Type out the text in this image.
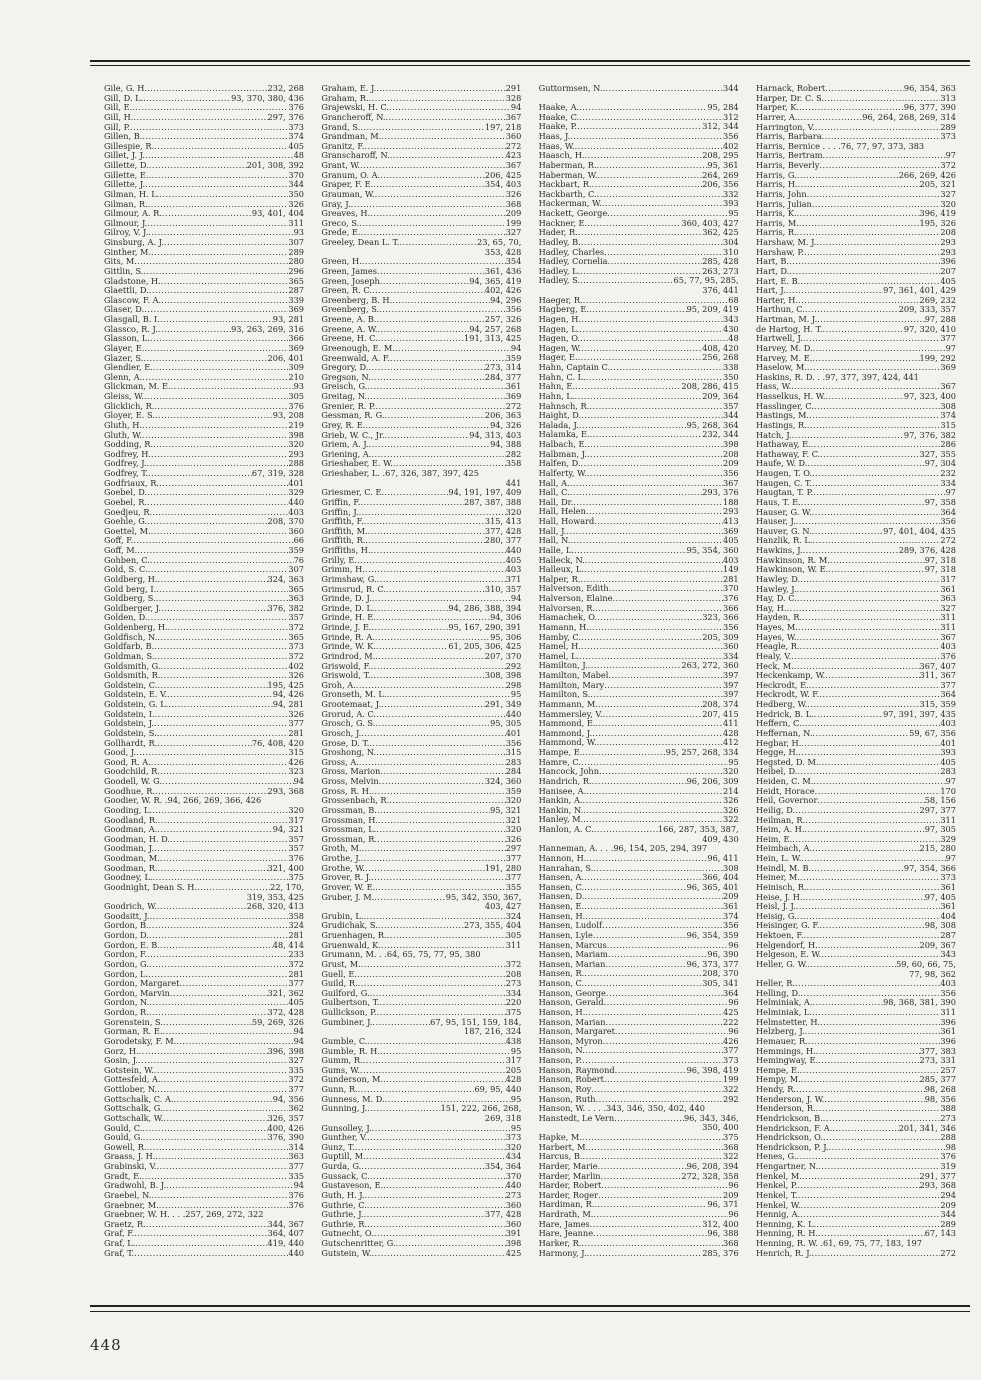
Gile, G. H. .....	232, 268
Gill, D. L. .....	93, 370, 380, 436
Gill, E. .....	376
Gill, H. .....	297, 376
Gill, P. .....	373
Gillen, B. .....	374
Gillespie, R. .....	405
Gillet, J. J. .....	48
Gillette, D. .....	201, 308, 392
Gillette, E. .....	370
Gillette, J. .....	344
Gilman, H. L. .....	350
Gilman, R. .....	326
Gilmour, A. R. .....	93, 401, 404
Gilmour, J. .....	311
Gilroy, V. J. .....	93
Ginsburg, A. J. .....	307
Ginther, M. .....	289
Gits, M. .....	280
Gittlin, S. .....	296
Gladstone, H. .....	365
Glaettli, D. .....	287
Glascow, F. A. .....	339
Glaser, D. .....	369
Glasgall, B. I. .....	93, 281
Glassco, R. J. .....	93, 263, 269, 316
Glasson, L. .....	366
Glayer, E. .....	369
Glazer, S. .....	206, 401
Glendier, E. .....	309
Glenn, A. .....	210
Glickman, M. E. .....	93
Gleiss, W. .....	305
Glicklich, R. .....	376
Gloyer, E. S. .....	93, 208
Gluth, H. .....	219
Gluth, W. .....	398
Godding, R. .....	320
Godfrey, H. .....	293
Godfrey, J. .....	288
Godfrey, T. .....	67, 319, 328
Godfriaux, R. .....	401
Goebel, D. .....	329
Goebel, R. .....	440
Goedjeu, R. .....	403
Goehle, G. .....	208, 370
Goettel, M. .....	360
Goff, F. .....	66
Goff, M. .....	359
Gohben, C. .....	76
Gold, S. C. .....	307
Goldberg, H. .....	324, 363
Gold berg, I. .....	365
Goldberg, S. .....	363
Goldberger, J. .....	376, 382
Golden, D. .....	357
Goldenberg, H. .....	372
Goldfisch, N. .....	365
Goldfarb, B. .....	373
Goldman, S. .....	372
Goldsmith, G. .....	402
Goldsmith, R. .....	326
Goldstein, C. .....	195, 425
Goldstein, E. V. .....	94, 426
Goldstein, G. L. .....	94, 281
Goldstein, I. .....	326
Goldstein, J. .....	377
Goldstein, S. .....	281
Gollhardt, R. .....	76, 408, 420
Good, J. .....	315
Good, R. A. .....	426
Goodchild, R. .....	323
Goodell, W. G. .....	94
Goodhue, R. .....	293, 368
Goodier, W. R. .94, 266, 269, 366, 426
Gooding, L. .....	320
Goodland, R. .....	317
Goodman, A. .....	94, 321
Goodman, H. D. .....	357
Goodman, J. .....	357
Goodman, M. .....	376
Goodman, R. .....	321, 400
Goodney, L. .....	375
Goodnight, Dean S. H. .....	22, 170,
319, 353, 425
Goodrich, W. .....	268, 320, 413
Goodsitt, J. .....	358
Gordon, B. .....	324
Gordon, D. .....	281
Gordon, E. B. .....	48, 414
Gordon, F. .....	233
Gordon, G. .....	372
Gordon, L. .....	281
Gordon, Margaret .....	377
Gordon, Marvin .....	321, 362
Gordon, N. .....	405
Gordon, R. .....	372, 428
Gorenstein, S. .....	59, 269, 326
Gorman, R. E. .....	94
Gorodetsky, F. M. .....	94
Gorz, H. .....	396, 398
Gosin, J. .....	327
Gotstein, W. .....	335
Gottesfeld, A. .....	372
Gottlober, N. .....	377
Gottschalk, C. A. .....	94, 356
Gottschalk, G. .....	362
Gottschalk, W. .....	326, 357
Gould, C. .....	400, 426
Gould, G. .....	376, 390
Gowell, R. .....	314
Graass, J. H. .....	363
Grabinski, V. .....	377
Gradt, E. .....	335
Gradwohl, B. J. .....	94
Graebel, N. .....	376
Graebner, M. .....	376
Graebner, W. H. . . .257, 269, 272, 322
Graetz, R. .....	344, 367
Graf, F. .....	364, 407
Graf, L. .....	419, 440
Graf, T. .....	440
Graham, E. J. .....	291
Graham, R. .....	328
Grajewski, H. C. .....	94
Grancheroff, N. .....	367
Grand, S. .....	197, 218
Grandman, M. .....	360
Granitz, F. .....	272
Granscharoff, N. .....	423
Grant, W. .....	367
Granum, O. A. .....	206, 425
Graper, F. E. .....	354, 403
Grauman, W. .....	326
Gray, J. .....	368
Greaves, H. .....	209
Greco, S. .....	199
Grede, E. .....	327
Greeley, Dean L. T. .....	23, 65, 70,
353, 428
Green, H. .....	354
Green, James .....	361, 436
Green, Joseph .....	94, 365, 419
Green, R. C. .....	402, 426
Greenberg, B. H. .....	94, 296
Greenberg, S. .....	356
Greene, A. B. .....	257, 326
Greene, A. W. .....	94, 257, 268
Greene, H. C. .....	191, 313, 425
Greenough, E. M. .....	94
Greenwald, A. F. .....	359
Gregory, D. .....	273, 314
Gregson, N. .....	284, 377
Greisch, G. .....	361
Greitag, N. .....	369
Grenier, R. P. .....	272
Gessman, R. G. .....	206, 363
Grey, R. E. .....	94, 326
Grieb, W. C., Jr. .....	94, 313, 403
Griem, A. J. .....	94, 388
Griening, A. .....	282
Grieshaber, E. W. .....	358
Grieshaber, L. .67, 326, 387, 397, 425
441
Griesmer, C. E. .....	94, 191, 197, 409
Griffin, F. .....	287, 387, 388
Griffin, J. .....	320
Griffith, F. .....	315, 413
Griffith, M. .....	377, 428
Griffith, R. .....	280, 377
Griffiths, H. .....	440
Grilly, E. .....	405
Grimm, H. .....	403
Grimshaw, G. .....	371
Grimsrud, R. C. .....	310, 357
Grinde, D. J. .....	94
Grinde, D. L. .....	94, 286, 388, 394
Grinde, H. E. .....	94, 306
Grinde, J. E. .....	95, 167, 290, 391
Grinde, R. A. .....	95, 306
Grinde, W. K. .....	61, 205, 306, 425
Grindrod, M. .....	207, 370
Griswold, F. .....	292
Griswold, T. .....	308, 398
Groh, A. .....	298
Gronseth, M. L. .....	95
Grootemaat, J. .....	291, 349
Grorud, A. C. .....	440
Grosch, G. S. .....	95, 305
Grosch, J. .....	401
Grose, D. T. .....	356
Groshong, N. .....	315
Gross, A. .....	283
Gross, Marion .....	284
Gross, Melvin .....	324, 360
Gross, R. H. .....	359
Grossenbach, R. .....	320
Grossman, B. .....	95, 321
Grossman, H. .....	321
Grossman, L. .....	320
Grossman, R. .....	326
Groth, M. .....	297
Grothe, J. .....	377
Grothe, W. .....	191, 280
Grover, R. J. .....	377
Grover, W. E. .....	355
Gruber, J. M. .....	95, 342, 350, 367,
403, 427
Grubin, L. .....	324
Grudichak, S. .....	273, 355, 404
Gruenhagen, R. .....	305
Gruenwald, K. .....	311
Grumann, M. . .64, 65, 75, 77, 95, 380
Grust, M. .....	372
Guell, E. .....	208
Guild, R. .....	273
Guilford, G. .....	334
Gulbertson, T. .....	220
Gullickson, P. .....	375
Gumbiner, J. .....	67, 95, 151, 159, 184,
187, 216, 324
Gumble, C. .....	438
Gumble, R. H. .....	95
Gumm, R. .....	317
Gums, W. .....	205
Gunderson, M. .....	428
Gunn, R. .....	69, 95, 440
Gunness, M. D. .....	95
Gunning, J. .....	151, 222, 266, 268,
269, 318
Gunsolley, J. .....	95
Gunther, V. .....	373
Gunz, T. .....	320
Guptill, M. .....	434
Gurda, G. .....	354, 364
Gussack, C. .....	370
Gustaveson, E. .....	440
Guth, H. J. .....	273
Guthrie, C. .....	360
Guthrie, J. .....	377, 428
Guthrie, R. .....	360
Gutnecht, O. .....	391
Gutschenritter, G. .....	398
Gutstein, W. .....	425
Guttormsen, N. .....	344
Haake, A. .....	95, 284
Haake, C. .....	312
Haake, P. .....	312, 344
Haas, J. .....	356
Haas, W. .....	402
Haasch, H. .....	208, 295
Haberman, R. .....	95, 361
Haberman, W. .....	264, 269
Hackbart, R. .....	206, 356
Hackbarth, C. .....	332
Hackerman, W. .....	393
Hackett, George .....	95
Hackner, E. .....	360, 403, 427
Hader, R. .....	362, 425
Hadley, B. .....	304
Hadley, Charles .....	310
Hadley, Cornelia .....	285, 428
Hadley, L. .....	263, 273
Hadley, S. .....	65, 77, 95, 285,
376, 441
Haeger, R. .....	68
Hagberg, E. .....	95, 209, 419
Hagen, H. .....	343
Hagen, L. .....	430
Hagen, O. .....	48
Hagen, W. .....	408, 420
Hager, E. .....	256, 268
Hahn, Captain C. .....	338
Hahn, C. L. .....	350
Hahn, E. .....	208, 286, 415
Hahn, L. .....	209, 364
Hahnsch, R. .....	357
Haight, D. .....	344
Halada, J. .....	95, 268, 364
Halamka, E. .....	232, 344
Halbach, E. .....	398
Halbman, J. .....	208
Halfen, D. .....	209
Halferty, W. .....	356
Hall, A. .....	367
Hall, C. .....	293, 376
Hall, Dr. .....	188
Hall, Helen .....	293
Hall, Howard .....	413
Hall, J. .....	369
Hall, N. .....	405
Halle, L. .....	95, 354, 360
Halleck, N. .....	403
Halleux, L. .....	149
Halper, R. .....	281
Halverson, Edith .....	370
Halverson, Elaine .....	376
Halvorsen, R. .....	366
Hamachek, O. .....	323, 366
Hamann, H. .....	356
Hamby, C. .....	205, 309
Hamel, H. .....	360
Hamel, L. .....	334
Hamilton, J. .....	263, 272, 360
Hamilton, Mabel .....	397
Hamilton, Mary .....	397
Hamilton, S. .....	397
Hammann, M. .....	208, 374
Hammersley, V. .....	207, 415
Hammond, E. .....	411
Hammond, J. .....	428
Hammond, W. .....	412
Hampe, E. .....	95, 257, 268, 334
Hamre, C. .....	95
Hancock, John .....	320
Handrich, R. .....	96, 206, 309
Hanisee, A. .....	214
Hankin, A. .....	326
Hankin, N. .....	326
Hanley, M. .....	322
Hanlon, A. C. .....	166, 287, 353, 387,
409, 430
Hanneman, A. . . .96, 154, 205, 294, 397
Hannon, H. .....	96, 411
Hanrahan, S. .....	308
Hansen, A. .....	366, 404
Hansen, C. .....	96, 365, 401
Hansen, D. .....	209
Hansen, E. .....	361
Hansen, H. .....	374
Hansen, Ludolf .....	356
Hansen, Lyle .....	96, 354, 359
Hansen, Marcus .....	96
Hansen, Mariam .....	96, 390
Hansen, Marian .....	96, 373, 377
Hansen, R. .....	208, 370
Hanson, C. .....	305, 341
Hanson, George .....	364
Hanson, Gerald .....	96
Hanson, H. .....	425
Hanson, Marian .....	222
Hanson, Margaret .....	96
Hanson, Myron .....	426
Hanson, N. .....	377
Hanson, P. .....	373
Hanson, Raymond .....	96, 398, 419
Hanson, Robert .....	199
Hanson, Roy .....	322
Hanson, Ruth .....	292
Hanson, W. . . . .343, 346, 350, 402, 440
Hanstedt, Le Vern .....	96, 343, 346,
350, 400
Hapke, M. .....	375
Harbert, M. .....	368
Harcus, B. .....	322
Harder, Marie .....	96, 208, 394
Harder, Marlin .....	272, 328, 358
Harder, Robert .....	96
Harder, Roger .....	209
Hardiman, R. .....	96, 371
Hardrath, M. .....	96
Hare, James .....	312, 400
Hare, Jeanne .....	96, 388
Harker, R. .....	368
Harmony, J. .....	285, 376
Harnack, Robert .....	96, 354, 363
Harper, Dr. C. S. .....	313
Harper, K. .....	96, 377, 390
Harrer, A. .....	96, 264, 268, 269, 314
Harrington, V. .....	289
Harris, Barbara .....	373
Harris, Bernice . . . .76, 77, 97, 373, 383
Harris, Bertram .....	97
Harris, Beverly .....	372
Harris, G. .....	266, 269, 426
Harris, H. .....	205, 321
Harris, John .....	327
Harris, Julian .....	320
Harris, K. .....	396, 419
Harris, M. .....	195, 326
Harris, R. .....	208
Harshaw, M. J. .....	293
Harshaw, P. .....	293
Hart, B. .....	396
Hart, D. .....	207
Hart, E. B. .....	405
Hart, J. .....	97, 361, 401, 429
Harter, H. .....	269, 232
Harthun, C. .....	209, 333, 357
Hartman, M. J. .....	97, 288
de Hartog, H. T. .....	97, 320, 410
Hartwell, J. .....	377
Harvey, M. D. .....	97
Harvey, M. E. .....	199, 292
Haselow, M. .....	369
Haskins, R. D. . .97, 377, 397, 424, 441
Hass, W. .....	367
Hasselkus, H. W. .....	97, 323, 400
Hasslinger, C. .....	308
Hastings, M. .....	374
Hastings, R. .....	315
Hatch, J. .....	97, 376, 382
Hathaway, E. .....	286
Hathaway, F. C. .....	327, 355
Haufe, W. D. .....	97, 304
Haugen, T. O. .....	232
Haugen, C. T. .....	334
Haugtan, T. P. .....	97
Haus, T. E. .....	97, 358
Hauser, G. W. .....	364
Hauser, J. .....	356
Hauver, G. N. .....	97, 401, 404, 435
Hanzlik, R. L. .....	272
Hawkins, J. .....	289, 376, 428
Hawkinson, R. M. .....	97, 318
Hawkinson, W. E. .....	97, 318
Hawley, D. .....	317
Hawley, J. .....	361
Hay, D. C. .....	363
Hay, H. .....	327
Hayden, R. .....	311
Hayes, M. .....	311
Hayes, W. .....	367
Heagle, R. .....	403
Healy, V. .....	376
Heck, M. .....	367, 407
Heckenkamp, W. .....	311, 367
Heckrodt, E. .....	377
Heckrodt, W. F. .....	364
Hedberg, W. .....	315, 359
Hedrick, B. L. .....	97, 391, 397, 435
Heffern, C. .....	403
Heffernan, N. .....	59, 67, 356
Hegbar, H. .....	401
Hegge, H. .....	393
Hegsted, D. M. .....	405
Heibel, D. .....	283
Heiden, C. M. .....	97
Heidt, Horace .....	170
Heil, Governor .....	58, 156
Heilig, D. .....	297, 377
Heilman, R. .....	311
Heim, A. H. .....	97, 305
Heim, E. .....	329
Heimbach, A. .....	215, 280
Hein, L. W. .....	97
Heindl, M. B. .....	97, 354, 366
Heiner, M. .....	373
Heinisch, R. .....	361
Heise, J. H. .....	97, 405
Heisl, J. J. .....	361
Heisig, G. .....	404
Heisinger, G. F. .....	98, 308
Hektoen, F. .....	287
Helgendorf, H. .....	209, 367
Helgeson, E. W. .....	343
Heller, G. W. .....	59, 60, 66, 75,
77, 98, 362
Heller, R. .....	403
Helling, D. .....	356
Helminiak, A. .....	98, 368, 381, 390
Helminiak, L. .....	311
Helmstetter, H. .....	396
Helzberg, J. .....	361
Hemauer, R. .....	396
Hemmings, H. .....	377, 383
Hemingway, E. .....	273, 331
Hempe, E. .....	257
Hempy, M. .....	285, 377
Hendy, R. .....	98, 268
Henderson, J. W. .....	98, 356
Henderson, R. .....	388
Hendrickson, B. .....	273
Hendrickson, F. A. .....	201, 341, 346
Hendrickson, O. .....	288
Hendrickson, P. J. .....	98
Henes, G. .....	376
Hengartner, N. .....	319
Henkel, M. .....	291, 377
Henkel, P. .....	293, 368
Henkel, T. .....	294
Henkel, W. .....	209
Hennig, A. .....	344
Henning, K. L. .....	289
Henning, R. H. .....	67, 143
Henning, R. W. .61, 69, 75, 77, 183, 197
Henrich, R. J. .....	272
448
